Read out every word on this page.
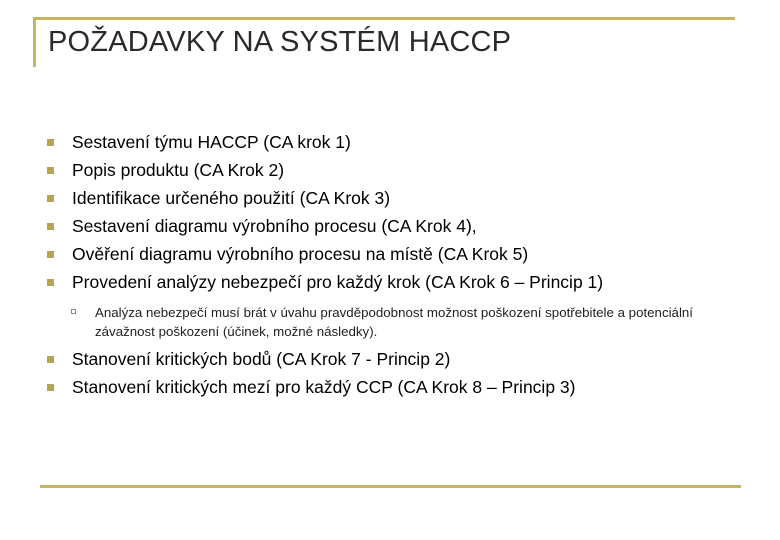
POŽADAVKY NA SYSTÉM HACCP
Sestavení týmu HACCP (CA krok 1)
Popis produktu (CA Krok 2)
Identifikace určeného použití (CA Krok 3)
Sestavení diagramu výrobního procesu (CA Krok 4),
Ověření diagramu výrobního procesu na místě (CA Krok 5)
Provedení analýzy nebezpečí pro každý krok (CA Krok 6 – Princip 1)
Analýza nebezpečí musí brát v úvahu pravděpodobnost možnost poškození spotřebitele a potenciální závažnost poškození (účinek, možné následky).
Stanovení kritických bodů (CA Krok 7 - Princip 2)
Stanovení kritických mezí pro každý CCP (CA Krok 8 – Princip 3)
